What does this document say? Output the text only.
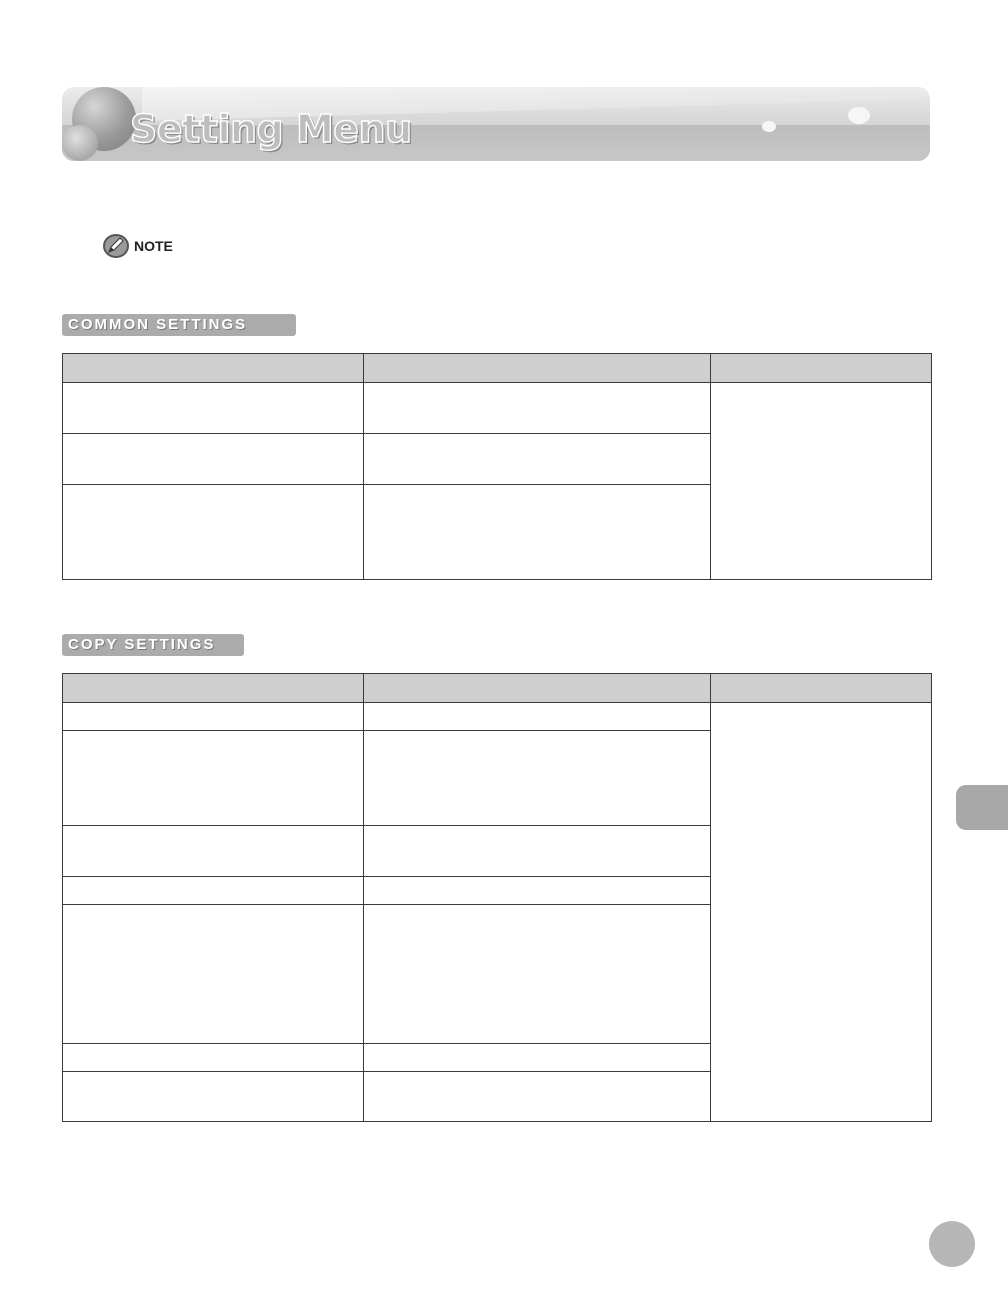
Setting Menu
NOTE
COMMON SETTINGS

COPY SETTINGS
